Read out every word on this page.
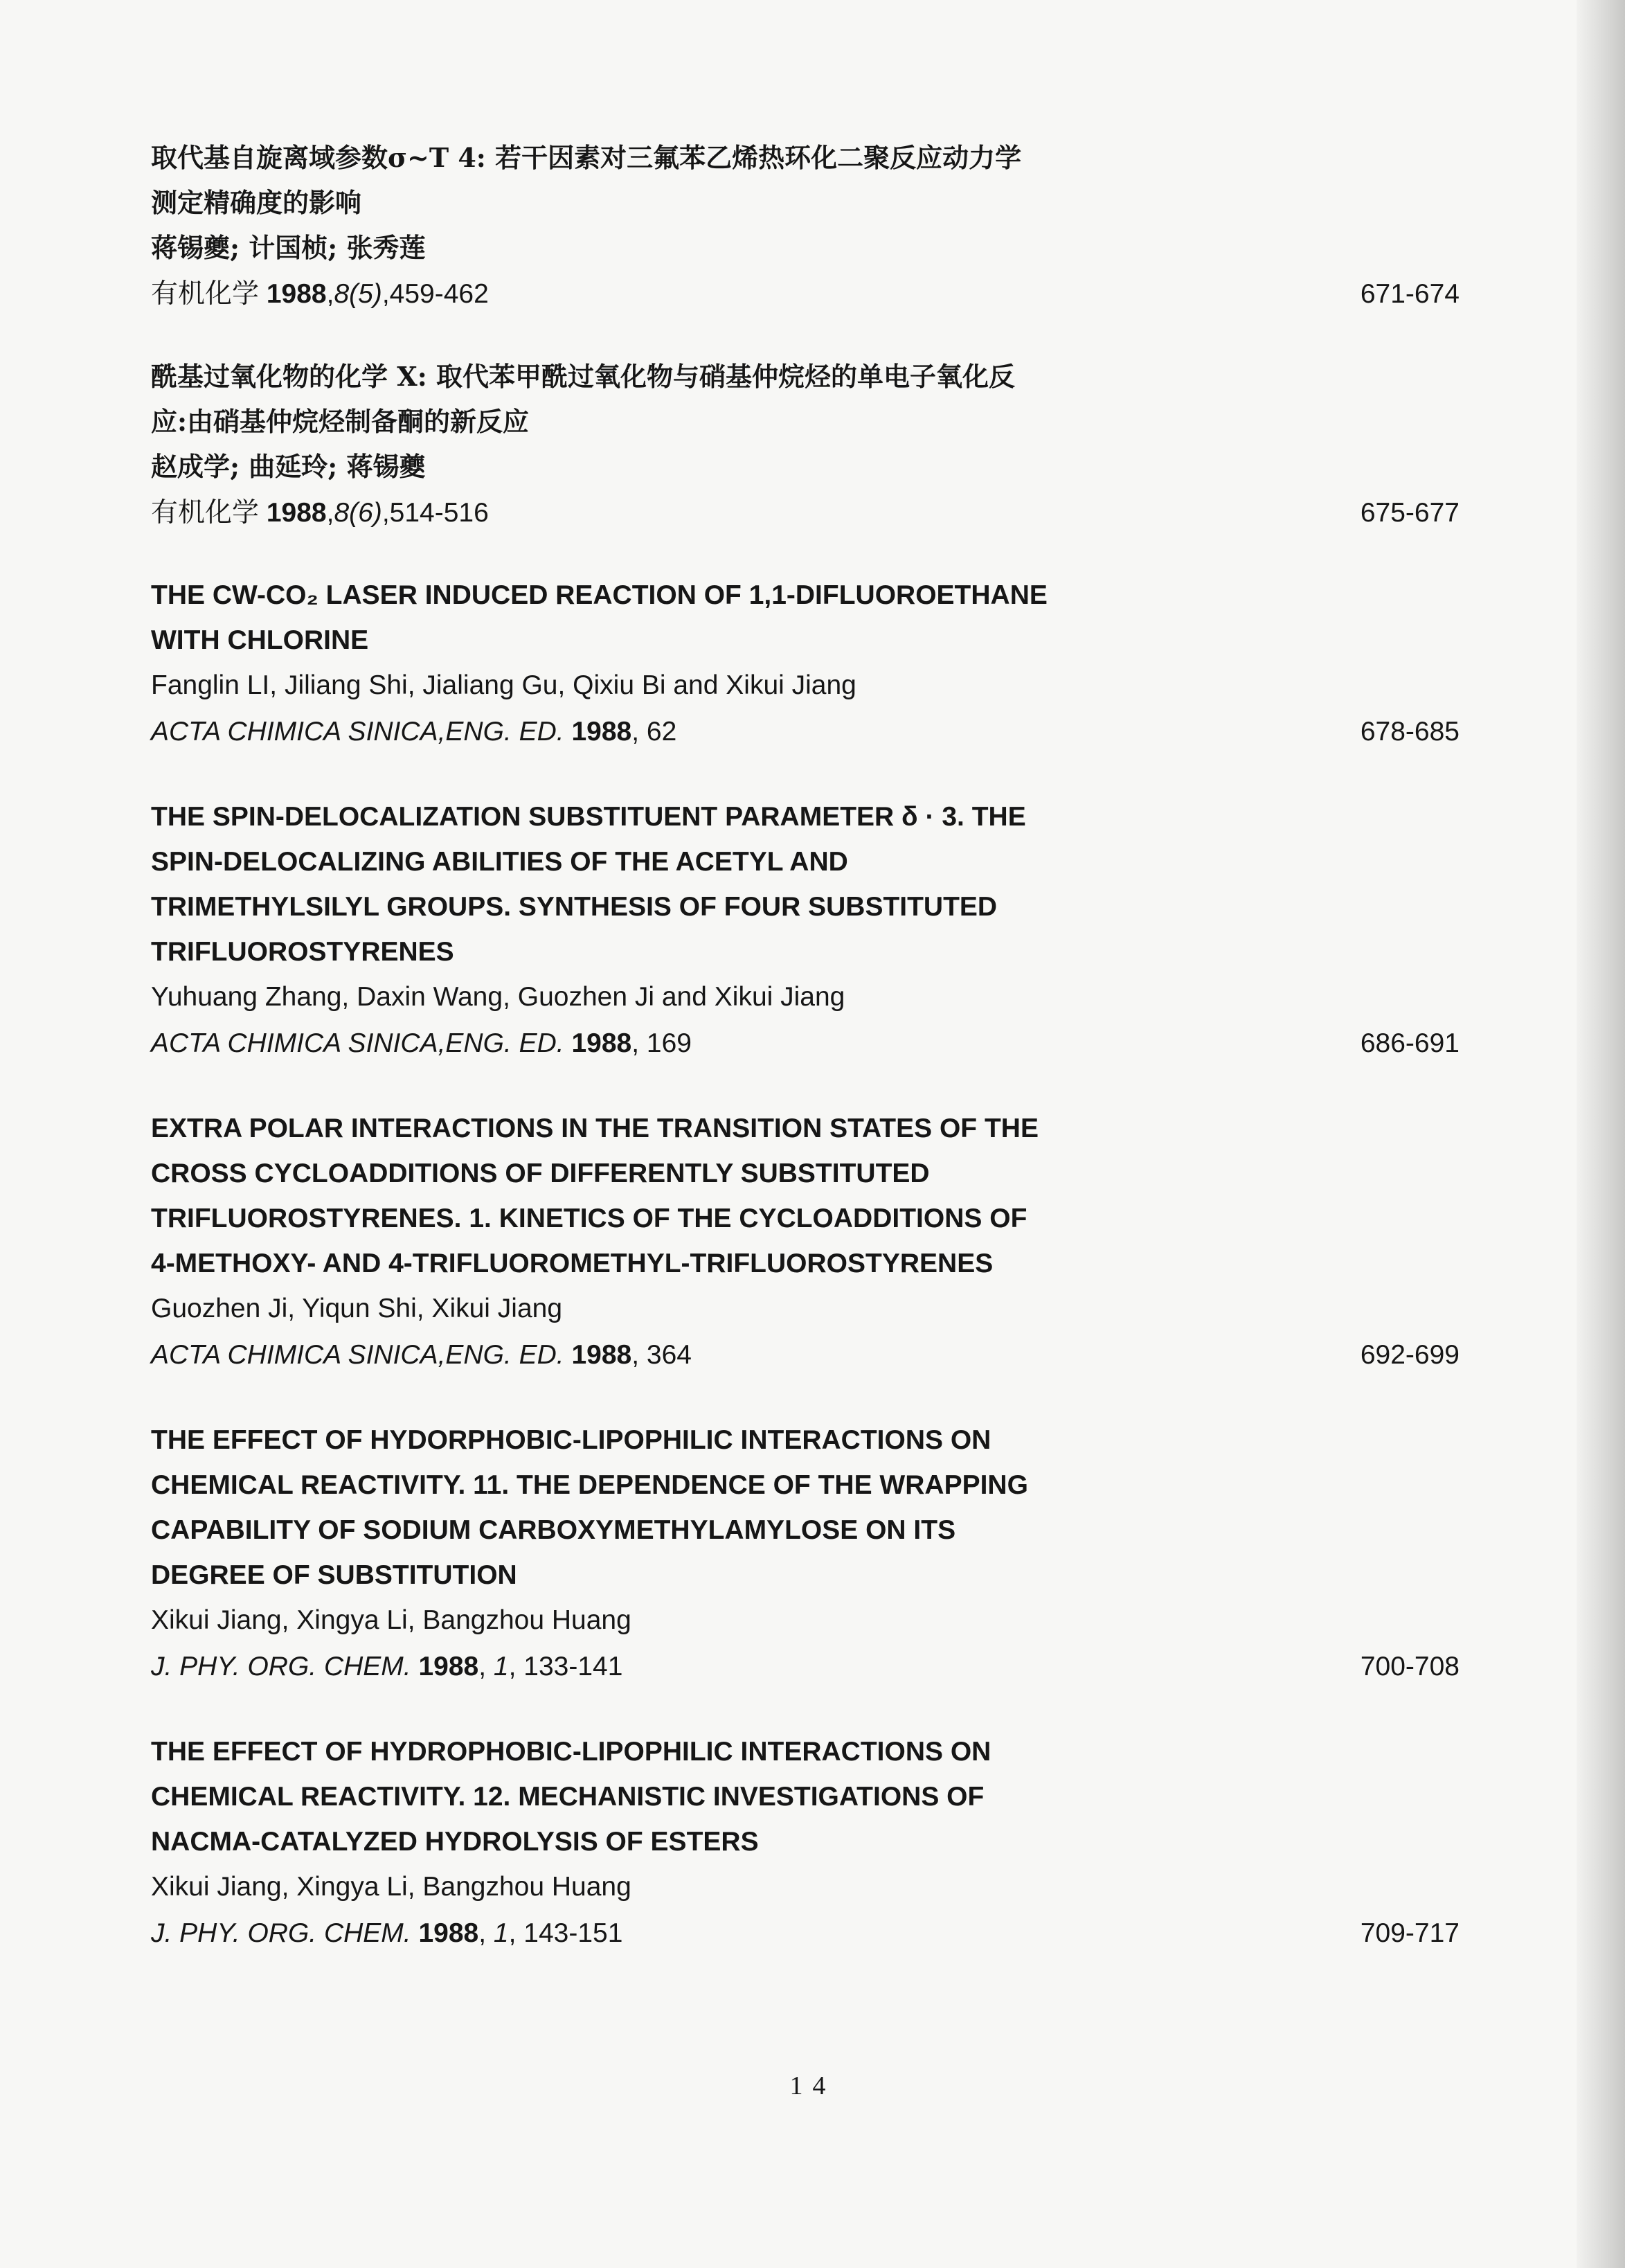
取代基自旋离域参数σ~T 4: 若干因素对三氟苯乙烯热环化二聚反应动力学
测定精确度的影响
蒋锡夔; 计国桢; 张秀莲
有机化学 1988,8(5),459-462	671-674
酰基过氧化物的化学 X: 取代苯甲酰过氧化物与硝基仲烷烃的单电子氧化反
应:由硝基仲烷烃制备酮的新反应
赵成学; 曲延玲; 蒋锡夔
有机化学 1988,8(6),514-516	675-677
THE CW-CO₂ LASER INDUCED REACTION OF 1,1-DIFLUOROETHANE
WITH CHLORINE
Fanglin LI, Jiliang Shi, Jialiang Gu, Qixiu Bi and Xikui Jiang
ACTA CHIMICA SINICA,ENG. ED. 1988, 62	678-685
THE SPIN-DELOCALIZATION SUBSTITUENT PARAMETER δ · 3. THE
SPIN-DELOCALIZING ABILITIES OF THE ACETYL AND
TRIMETHYLSILYL GROUPS. SYNTHESIS OF FOUR SUBSTITUTED
TRIFLUOROSTYRENES
Yuhuang Zhang, Daxin Wang, Guozhen Ji and Xikui Jiang
ACTA CHIMICA SINICA,ENG. ED. 1988, 169	686-691
EXTRA POLAR INTERACTIONS IN THE TRANSITION STATES OF THE
CROSS CYCLOADDITIONS OF DIFFERENTLY SUBSTITUTED
TRIFLUOROSTYRENES. 1. KINETICS OF THE CYCLOADDITIONS OF
4-METHOXY- AND 4-TRIFLUOROMETHYL-TRIFLUOROSTYRENES
Guozhen Ji, Yiqun Shi, Xikui Jiang
ACTA CHIMICA SINICA,ENG. ED. 1988, 364	692-699
THE EFFECT OF HYDORPHOBIC-LIPOPHILIC INTERACTIONS ON
CHEMICAL REACTIVITY. 11. THE DEPENDENCE OF THE WRAPPING
CAPABILITY OF SODIUM CARBOXYMETHYLAMYLOSE ON ITS
DEGREE OF SUBSTITUTION
Xikui Jiang, Xingya Li, Bangzhou Huang
J. PHY. ORG. CHEM. 1988, 1, 133-141	700-708
THE EFFECT OF HYDROPHOBIC-LIPOPHILIC INTERACTIONS ON
CHEMICAL REACTIVITY. 12. MECHANISTIC INVESTIGATIONS OF
NACMA-CATALYZED HYDROLYSIS OF ESTERS
Xikui Jiang, Xingya Li, Bangzhou Huang
J. PHY. ORG. CHEM. 1988, 1, 143-151	709-717
14
